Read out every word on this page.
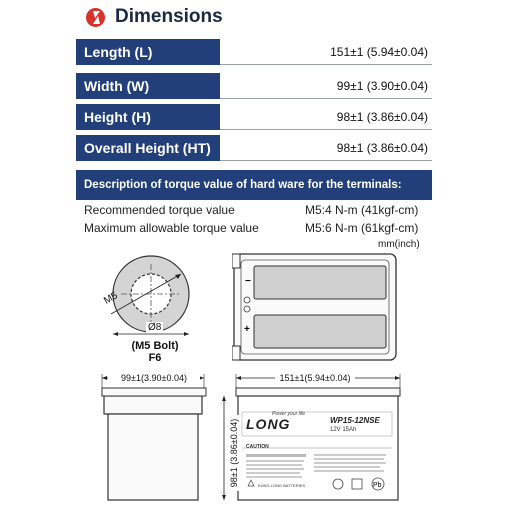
Dimensions
Length (L)	151±1 (5.94±0.04)
Width (W)	99±1 (3.90±0.04)
Height (H)	98±1 (3.86±0.04)
Overall Height (HT)	98±1 (3.86±0.04)
Description of torque value of hard ware for the terminals:
Recommended torque value	M5:4 N-m (41kgf-cm)
Maximum allowable torque value	M5:6 N-m (61kgf-cm)
mm(inch)
M5
Ø8
(M5 Bolt)
F6
−
+
99±1(3.90±0.04)
Pb
151±1(5.94±0.04)
98±1 (3.86±0.04) LONG
Power your life
WP15-12NSE
12V 15Ah
CAUTION
KUNG LONG BATTERIES
